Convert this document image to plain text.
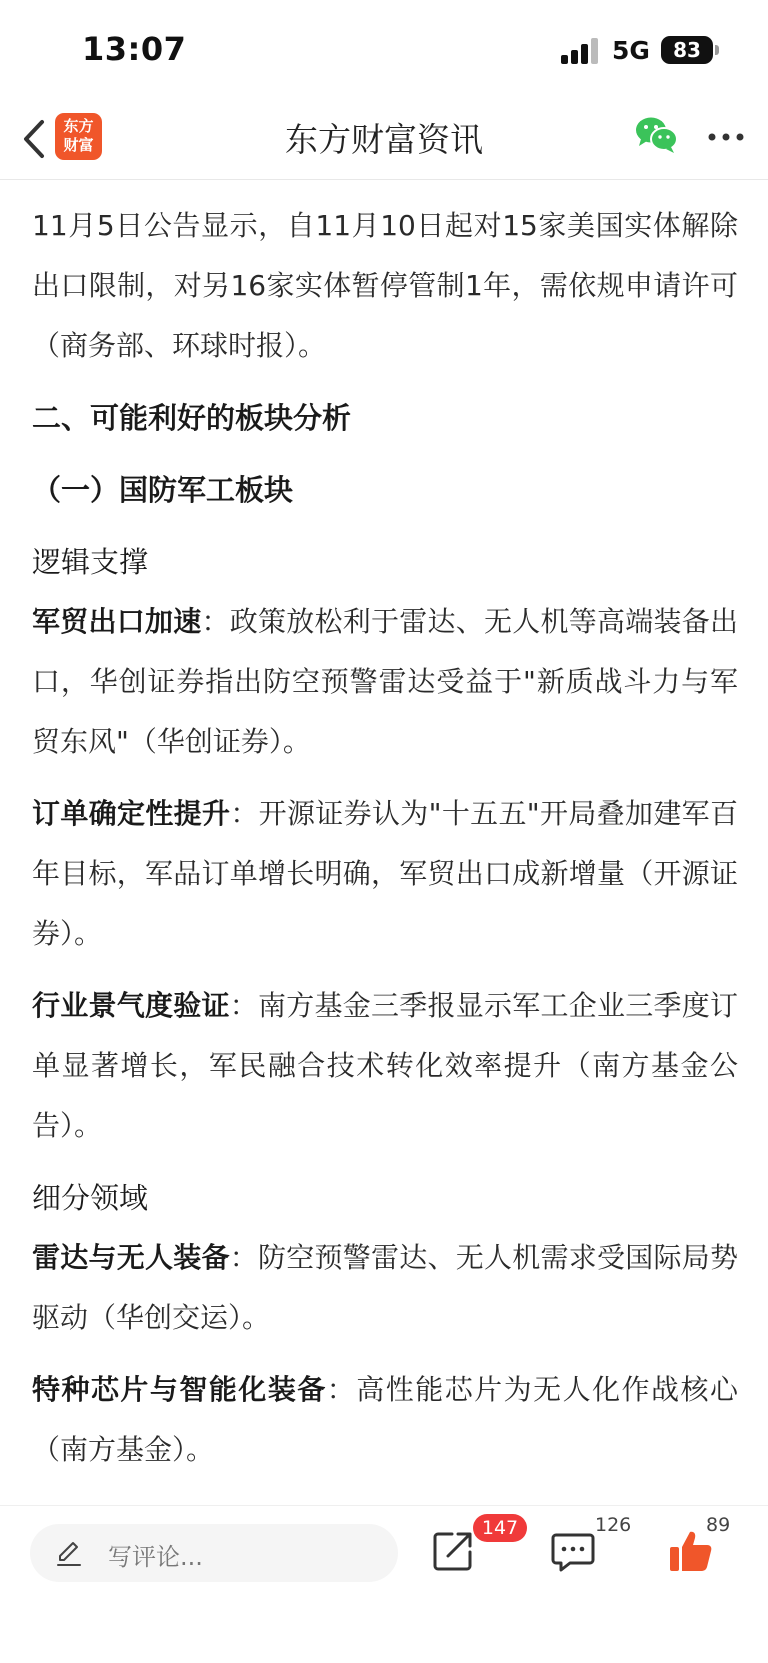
13:07	5G	83
东方
财富	东方财富资讯
11月5日公告显示，自11月10日起对15家美国实体解除出口限制，对另16家实体暂停管制1年，需依规申请许可（商务部、环球时报）。
二、可能利好的板块分析
（一）国防军工板块
逻辑支撑
军贸出口加速：政策放松利于雷达、无人机等高端装备出口，华创证券指出防空预警雷达受益于"新质战斗力与军贸东风"（华创证券）。
订单确定性提升：开源证券认为"十五五"开局叠加建军百年目标，军品订单增长明确，军贸出口成新增量（开源证券）。
行业景气度验证：南方基金三季报显示军工企业三季度订单显著增长，军民融合技术转化效率提升（南方基金公告）。
细分领域
雷达与无人装备：防空预警雷达、无人机需求受国际局势驱动（华创交运）。
特种芯片与智能化装备：高性能芯片为无人化作战核心（南方基金）。
写评论...
147	126	89
